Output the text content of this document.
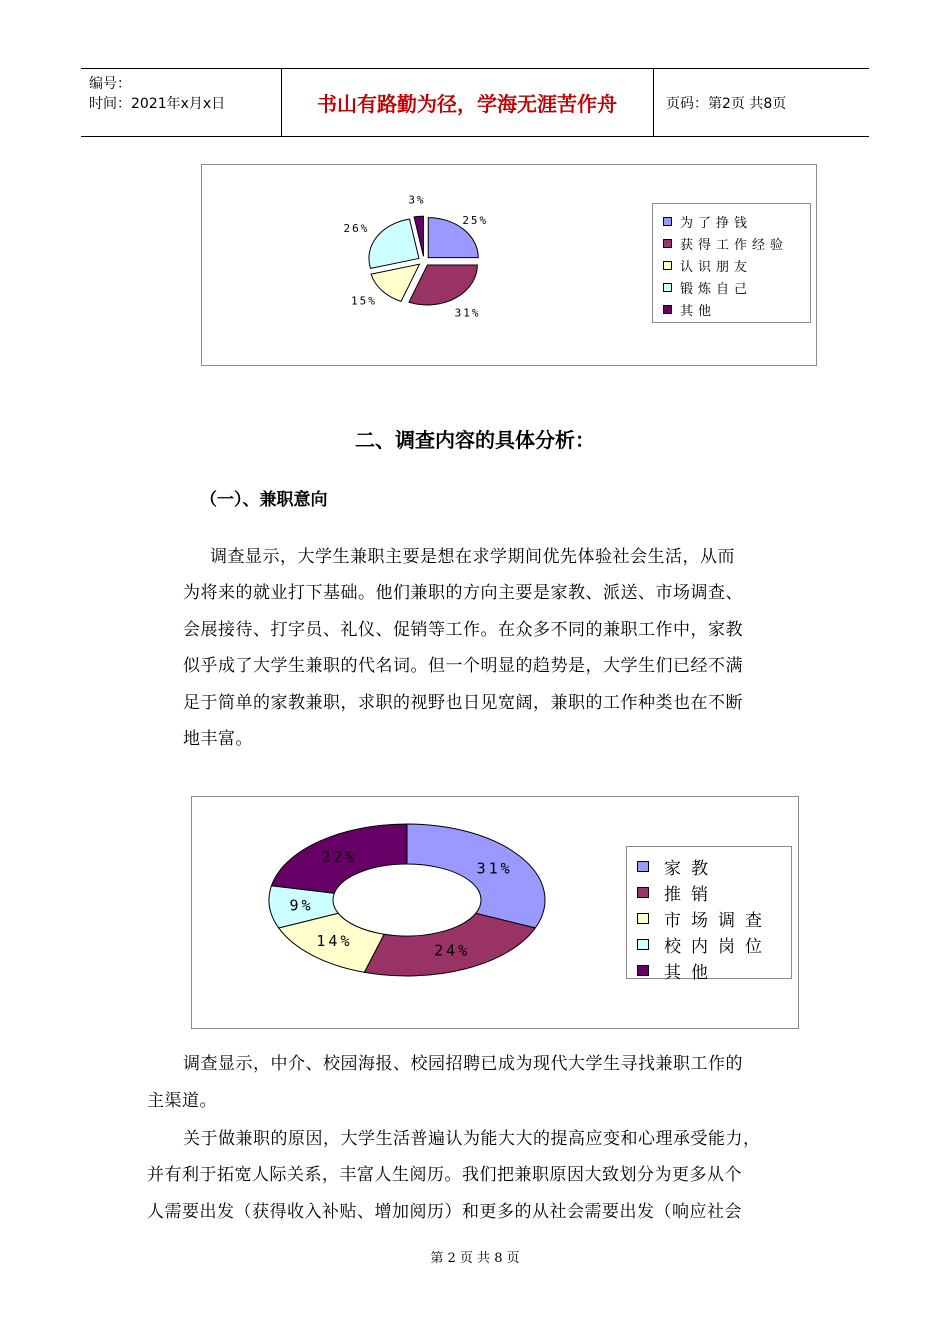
编号：
时间：2021年x月x日	书山有路勤为径，学海无涯苦作舟	页码：第2页 共8页
25%
31%
15%
26%
3%
为了挣钱
获得工作经验
认识朋友
锻炼自己
其他
二、调查内容的具体分析：
（一）、兼职意向
调查显示，大学生兼职主要是想在求学期间优先体验社会生活，从而
为将来的就业打下基础。他们兼职的方向主要是家教、派送、市场调查、
会展接待、打字员、礼仪、促销等工作。在众多不同的兼职工作中，家教
似乎成了大学生兼职的代名词。但一个明显的趋势是，大学生们已经不满
足于简单的家教兼职，求职的视野也日见宽阔，兼职的工作种类也在不断
地丰富。
31%
24%
14%
9%
22%
家教
推销
市场调查
校内岗位
其他
调查显示，中介、校园海报、校园招聘已成为现代大学生寻找兼职工作的
主渠道。
关于做兼职的原因，大学生活普遍认为能大大的提高应变和心理承受能力，
并有利于拓宽人际关系，丰富人生阅历。我们把兼职原因大致划分为更多从个
人需要出发（获得收入补贴、增加阅历）和更多的从社会需要出发（响应社会
第 2 页 共 8 页
